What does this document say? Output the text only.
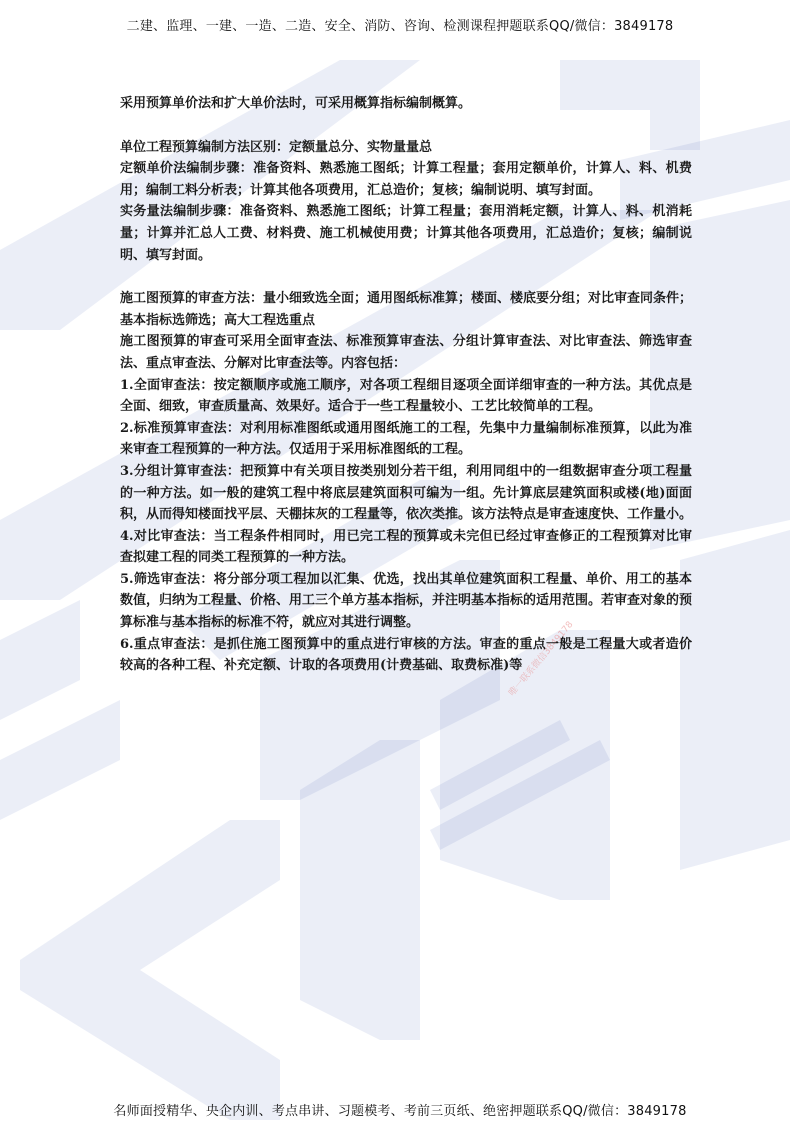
唯一联系微信3849178
二建、监理、一建、一造、二造、安全、消防、咨询、检测课程押题联系QQ/微信：3849178

采用预算单价法和扩大单价法时，可采用概算指标编制概算。

单位工程预算编制方法区别：定额量总分、实物量量总

定额单价法编制步骤：准备资料、熟悉施工图纸；计算工程量；套用定额单价，计算人、料、机费用；编制工料分析表；计算其他各项费用，汇总造价；复核；编制说明、填写封面。

实务量法编制步骤：准备资料、熟悉施工图纸；计算工程量；套用消耗定额，计算人、料、机消耗量；计算并汇总人工费、材料费、施工机械使用费；计算其他各项费用，汇总造价；复核；编制说明、填写封面。

施工图预算的审查方法：量小细致选全面；通用图纸标准算；楼面、楼底要分组；对比审查同条件；基本指标选筛选；高大工程选重点

施工图预算的审查可采用全面审查法、标准预算审查法、分组计算审查法、对比审查法、筛选审查法、重点审查法、分解对比审查法等。内容包括：

1.全面审查法：按定额顺序或施工顺序，对各项工程细目逐项全面详细审查的一种方法。其优点是全面、细致，审查质量高、效果好。适合于一些工程量较小、工艺比较简单的工程。

2.标准预算审查法：对利用标准图纸或通用图纸施工的工程，先集中力量编制标准预算，以此为准来审查工程预算的一种方法。仅适用于采用标准图纸的工程。

3.分组计算审查法：把预算中有关项目按类别划分若干组，利用同组中的一组数据审查分项工程量的一种方法。如一般的建筑工程中将底层建筑面积可编为一组。先计算底层建筑面积或楼(地)面面积，从而得知楼面找平层、天棚抹灰的工程量等，依次类推。该方法特点是审查速度快、工作量小。

4.对比审查法：当工程条件相同时，用已完工程的预算或未完但已经过审查修正的工程预算对比审查拟建工程的同类工程预算的一种方法。

5.筛选审查法：将分部分项工程加以汇集、优选，找出其单位建筑面积工程量、单价、用工的基本数值，归纳为工程量、价格、用工三个单方基本指标，并注明基本指标的适用范围。若审查对象的预算标准与基本指标的标准不符，就应对其进行调整。

6.重点审查法：是抓住施工图预算中的重点进行审核的方法。审查的重点一般是工程量大或者造价较高的各种工程、补充定额、计取的各项费用(计费基础、取费标准)等

名师面授精华、央企内训、考点串讲、习题模考、考前三页纸、绝密押题联系QQ/微信：3849178
